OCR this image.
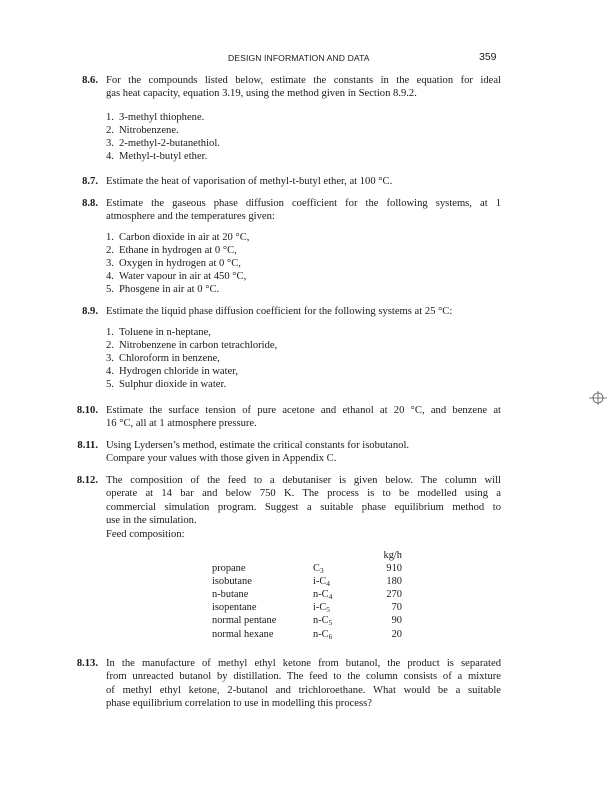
DESIGN INFORMATION AND DATA	359
8.6. For the compounds listed below, estimate the constants in the equation for ideal
gas heat capacity, equation 3.19, using the method given in Section 8.9.2.
1. 3-methyl thiophene.
2. Nitrobenzene.
3. 2-methyl-2-butanethiol.
4. Methyl-t-butyl ether.
8.7. Estimate the heat of vaporisation of methyl-t-butyl ether, at 100 °C.
8.8. Estimate the gaseous phase diffusion coefficient for the following systems, at 1
atmosphere and the temperatures given:
1. Carbon dioxide in air at 20 °C,
2. Ethane in hydrogen at 0 °C,
3. Oxygen in hydrogen at 0 °C,
4. Water vapour in air at 450 °C,
5. Phosgene in air at 0 °C.
8.9. Estimate the liquid phase diffusion coefficient for the following systems at 25 °C:
1. Toluene in n-heptane,
2. Nitrobenzene in carbon tetrachloride,
3. Chloroform in benzene,
4. Hydrogen chloride in water,
5. Sulphur dioxide in water.
8.10. Estimate the surface tension of pure acetone and ethanol at 20 °C, and benzene at
16 °C, all at 1 atmosphere pressure.
8.11. Using Lydersen’s method, estimate the critical constants for isobutanol.
Compare your values with those given in Appendix C.
8.12. The composition of the feed to a debutaniser is given below. The column will
operate at 14 bar and below 750 K. The process is to be modelled using a
commercial simulation program. Suggest a suitable phase equilibrium method to
use in the simulation.
Feed composition:
kg/h
propane	C3	910
isobutane	i-C4	180
n-butane	n-C4	270
isopentane	i-C5	70
normal pentane	n-C5	90
normal hexane	n-C6	20
8.13. In the manufacture of methyl ethyl ketone from butanol, the product is separated
from unreacted butanol by distillation. The feed to the column consists of a mixture
of methyl ethyl ketone, 2-butanol and trichloroethane. What would be a suitable
phase equilibrium correlation to use in modelling this process?
